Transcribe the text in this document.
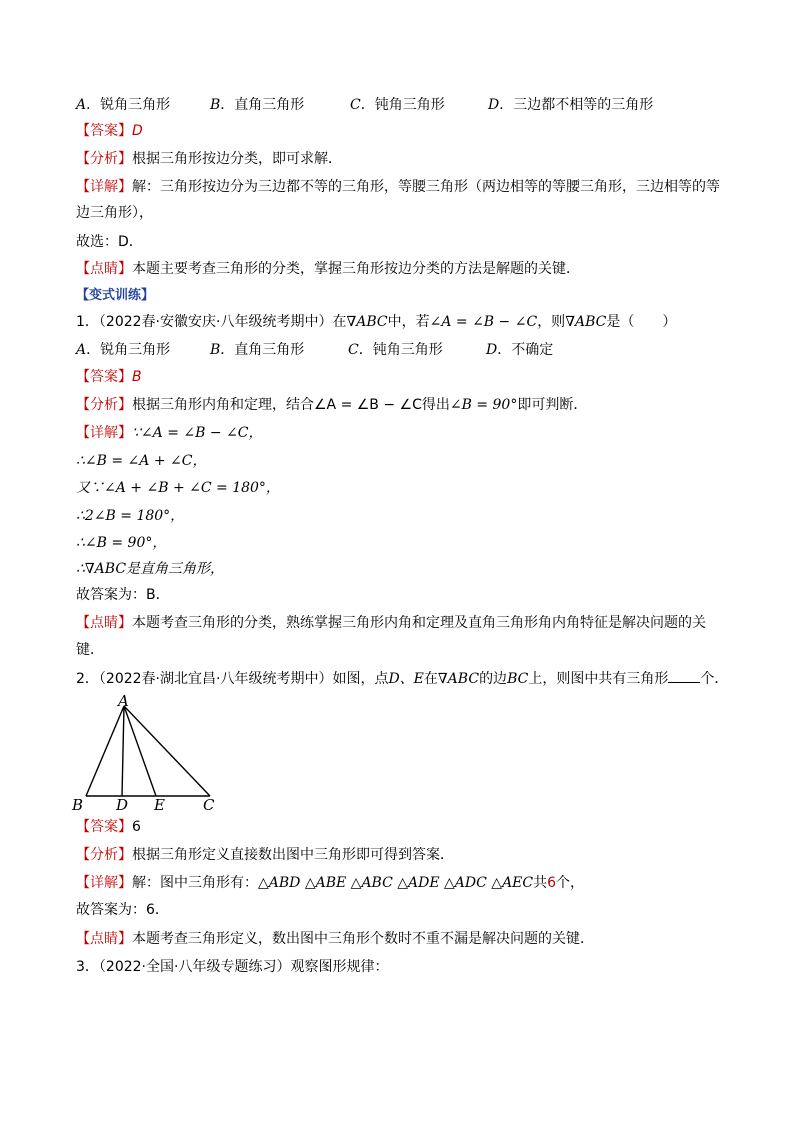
A．锐角三角形	B．直角三角形	C．钝角三角形	D．三边都不相等的三角形
【答案】D
【分析】根据三角形按边分类，即可求解．
【详解】解：三角形按边分为三边都不等的三角形，等腰三角形（两边相等的等腰三角形，三边相等的等
边三角形），
故选：D．
【点睛】本题主要考查三角形的分类，掌握三角形按边分类的方法是解题的关键．
【变式训练】
1．（2022春·安徽安庆·八年级统考期中）在∇ABC中，若∠A = ∠B − ∠C，则∇ABC是（　　）
A．锐角三角形	B．直角三角形	C．钝角三角形	D．不确定
【答案】B
【分析】根据三角形内角和定理，结合∠A = ∠B − ∠C得出∠B = 90°即可判断．
【详解】∵∠A = ∠B − ∠C，
∴∠B = ∠A + ∠C，
又∵∠A + ∠B + ∠C = 180°，
∴2∠B = 180°，
∴∠B = 90°，
∴∇ABC是直角三角形，
故答案为：B．
【点睛】本题考查三角形的分类，熟练掌握三角形内角和定理及直角三角形角内角特征是解决问题的关
键．
2．（2022春·湖北宜昌·八年级统考期中）如图，点D、E在∇ABC的边BC上，则图中共有三角形 个．
A
B D E	C
【答案】6
【分析】根据三角形定义直接数出图中三角形即可得到答案．
【详解】解：图中三角形有：△ABD △ABE △ABC △ADE △ADC △AEC共6个，
故答案为：6．
【点睛】本题考查三角形定义，数出图中三角形个数时不重不漏是解决问题的关键．
3．（2022·全国·八年级专题练习）观察图形规律：
